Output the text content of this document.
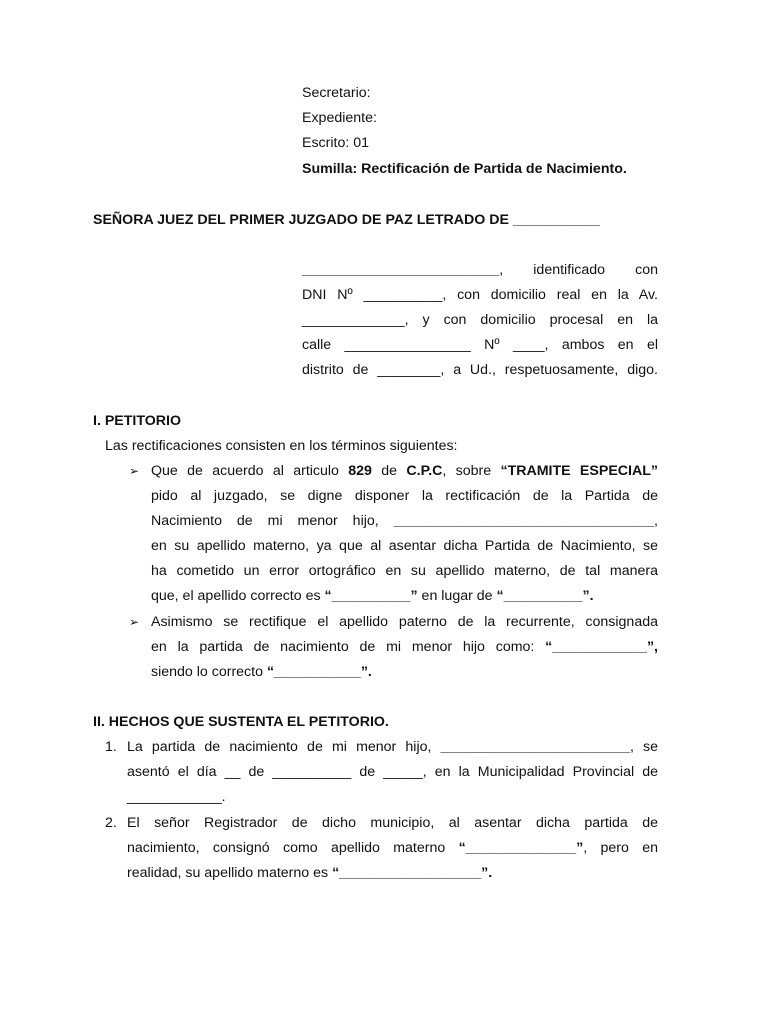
Secretario:
Expediente:
Escrito: 01
Sumilla: Rectificación de Partida de Nacimiento.
SEÑORA JUEZ DEL PRIMER JUZGADO DE PAZ LETRADO DE ___________
_________________________, identificado con
DNI Nº __________, con domicilio real en la Av.
_____________, y con domicilio procesal en la
calle ________________ Nº ____, ambos en el
distrito de ________, a Ud., respetuosamente, digo.
I. PETITORIO
Las rectificaciones consisten en los términos siguientes:
➢ Que de acuerdo al articulo 829 de C.P.C, sobre “TRAMITE ESPECIAL”
pido al juzgado, se digne disponer la rectificación de la Partida de
Nacimiento de mi menor hijo, _________________________________,
en su apellido materno, ya que al asentar dicha Partida de Nacimiento, se
ha cometido un error ortográfico en su apellido materno, de tal manera
que, el apellido correcto es “__________” en lugar de “__________”.
➢ Asimismo se rectifique el apellido paterno de la recurrente, consignada
en la partida de nacimiento de mi menor hijo como: “____________”,
siendo lo correcto “___________”.
II. HECHOS QUE SUSTENTA EL PETITORIO.
1. La partida de nacimiento de mi menor hijo, ________________________, se
asentó el día __ de __________ de _____, en la Municipalidad Provincial de
____________.
2. El señor Registrador de dicho municipio, al asentar dicha partida de
nacimiento, consignó como apellido materno “______________”, pero en
realidad, su apellido materno es “__________________”.
